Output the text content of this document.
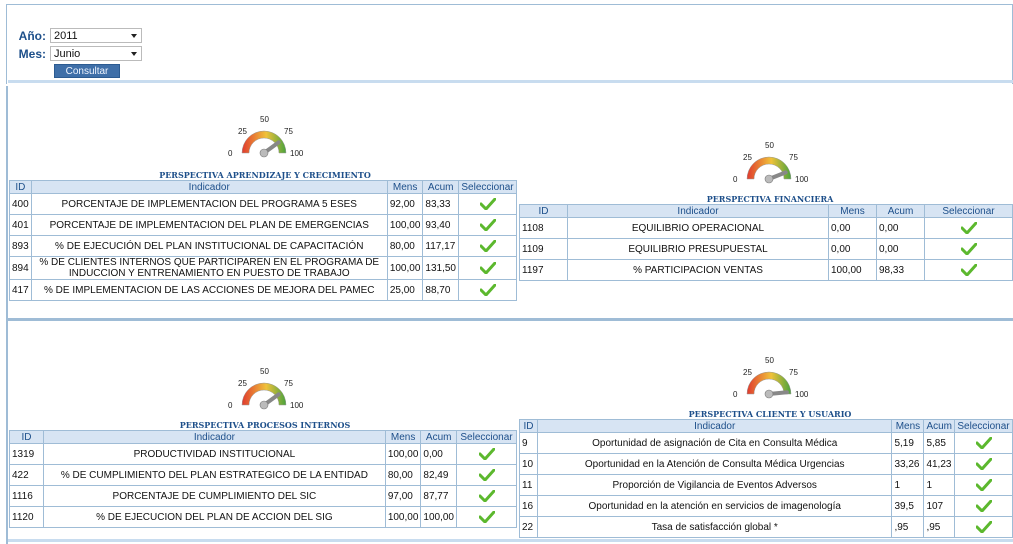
Año: 2011
Mes: Junio
Consultar
0
25
50
75
100
0
25
50
75
100
0
25
50
75
100
0
25
50
75
100
PERSPECTIVA APRENDIZAJE Y CRECIMIENTO
PERSPECTIVA FINANCIERA
PERSPECTIVA PROCESOS INTERNOS
PERSPECTIVA CLIENTE Y USUARIO
ID	Indicador	Mens	Acum	Seleccionar
400	PORCENTAJE DE IMPLEMENTACION DEL PROGRAMA 5 ESES	92,00	83,33	
401	PORCENTAJE DE IMPLEMENTACION DEL PLAN DE EMERGENCIAS	100,00	93,40	
893	% DE EJECUCIÓN DEL PLAN INSTITUCIONAL DE CAPACITACIÓN	80,00	117,17	
894	% DE CLIENTES INTERNOS QUE PARTICIPAREN EN EL PROGRAMA DE INDUCCION Y ENTRENAMIENTO EN PUESTO DE TRABAJO	100,00	131,50	
417	% DE IMPLEMENTACION DE LAS ACCIONES DE MEJORA DEL PAMEC	25,00	88,70	
ID	Indicador	Mens	Acum	Seleccionar
1108	EQUILIBRIO OPERACIONAL	0,00	0,00	
1109	EQUILIBRIO PRESUPUESTAL	0,00	0,00	
1197	% PARTICIPACION VENTAS	100,00	98,33	
ID	Indicador	Mens	Acum	Seleccionar
1319	PRODUCTIVIDAD INSTITUCIONAL	100,00	0,00	
422	% DE CUMPLIMIENTO DEL PLAN ESTRATEGICO DE LA ENTIDAD	80,00	82,49	
1116	PORCENTAJE DE CUMPLIMIENTO DEL SIC	97,00	87,77	
1120	% DE EJECUCION DEL PLAN DE ACCION DEL SIG	100,00	100,00	
ID	Indicador	Mens	Acum	Seleccionar
9	Oportunidad de asignación de Cita en Consulta Médica	5,19	5,85	
10	Oportunidad en la Atención de Consulta Médica Urgencias	33,26	41,23	
11	Proporción de Vigilancia de Eventos Adversos	1	1	
16	Oportunidad en la atención en servicios de imagenología	39,5	107	
22	Tasa de satisfacción global *	,95	,95	
